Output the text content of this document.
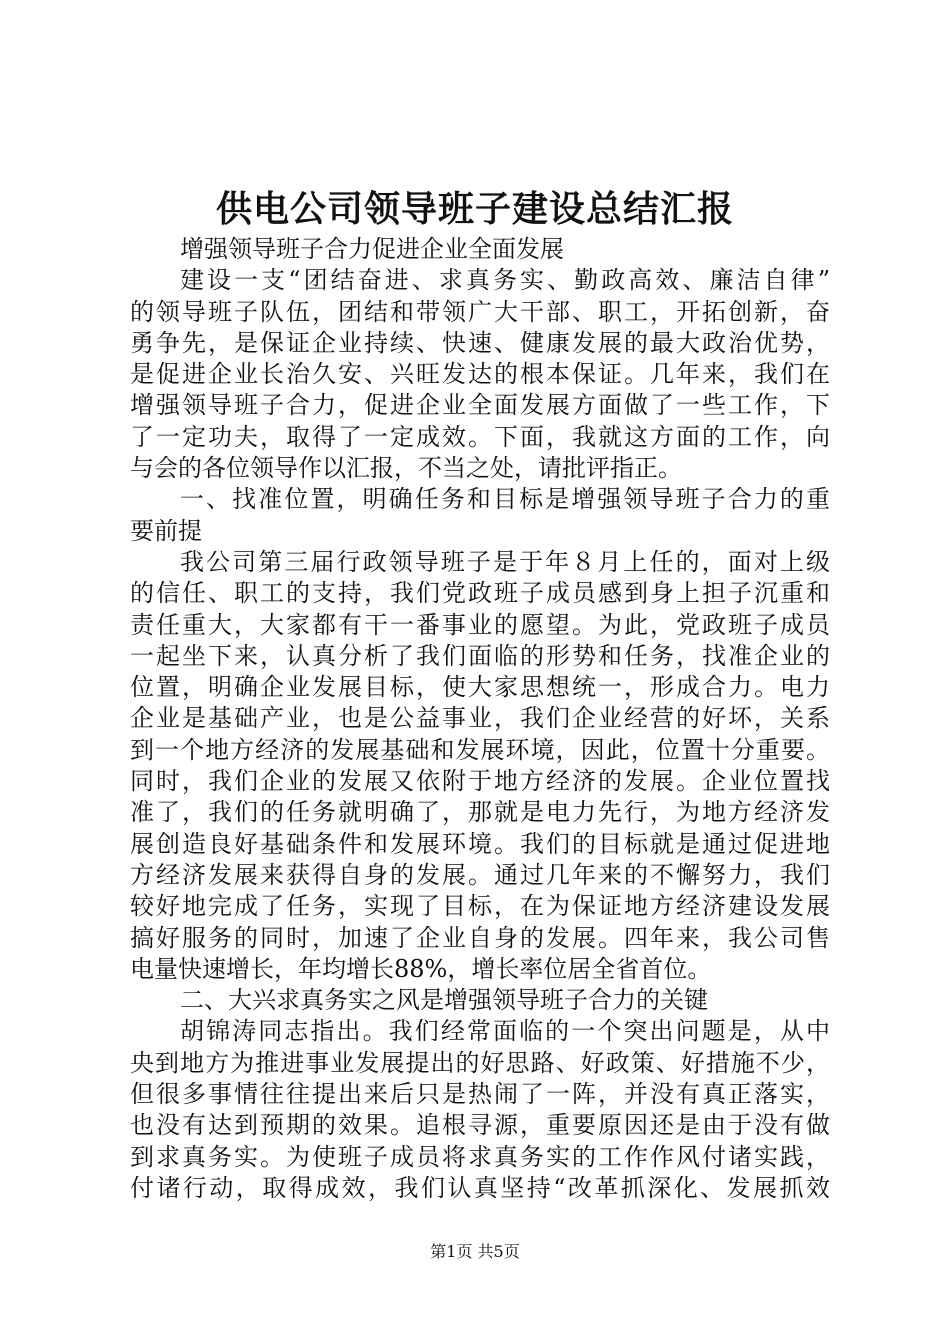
供电公司领导班子建设总结汇报
增强领导班子合力促进企业全面发展
建设一支“团结奋进、求真务实、勤政高效、廉洁自律”
的领导班子队伍，团结和带领广大干部、职工，开拓创新，奋
勇争先，是保证企业持续、快速、健康发展的最大政治优势，
是促进企业长治久安、兴旺发达的根本保证。几年来，我们在
增强领导班子合力，促进企业全面发展方面做了一些工作，下
了一定功夫，取得了一定成效。下面，我就这方面的工作，向
与会的各位领导作以汇报，不当之处，请批评指正。
一、找准位置，明确任务和目标是增强领导班子合力的重
要前提
我公司第三届行政领导班子是于年８月上任的，面对上级
的信任、职工的支持，我们党政班子成员感到身上担子沉重和
责任重大，大家都有干一番事业的愿望。为此，党政班子成员
一起坐下来，认真分析了我们面临的形势和任务，找准企业的
位置，明确企业发展目标，使大家思想统一，形成合力。电力
企业是基础产业，也是公益事业，我们企业经营的好坏，关系
到一个地方经济的发展基础和发展环境，因此，位置十分重要。
同时，我们企业的发展又依附于地方经济的发展。企业位置找
准了，我们的任务就明确了，那就是电力先行，为地方经济发
展创造良好基础条件和发展环境。我们的目标就是通过促进地
方经济发展来获得自身的发展。通过几年来的不懈努力，我们
较好地完成了任务，实现了目标，在为保证地方经济建设发展
搞好服务的同时，加速了企业自身的发展。四年来，我公司售
电量快速增长，年均增长88%，增长率位居全省首位。
二、大兴求真务实之风是增强领导班子合力的关键
胡锦涛同志指出。我们经常面临的一个突出问题是，从中
央到地方为推进事业发展提出的好思路、好政策、好措施不少，
但很多事情往往提出来后只是热闹了一阵，并没有真正落实，
也没有达到预期的效果。追根寻源，重要原因还是由于没有做
到求真务实。为使班子成员将求真务实的工作作风付诸实践，
付诸行动，取得成效，我们认真坚持“改革抓深化、发展抓效
第1页 共5页
